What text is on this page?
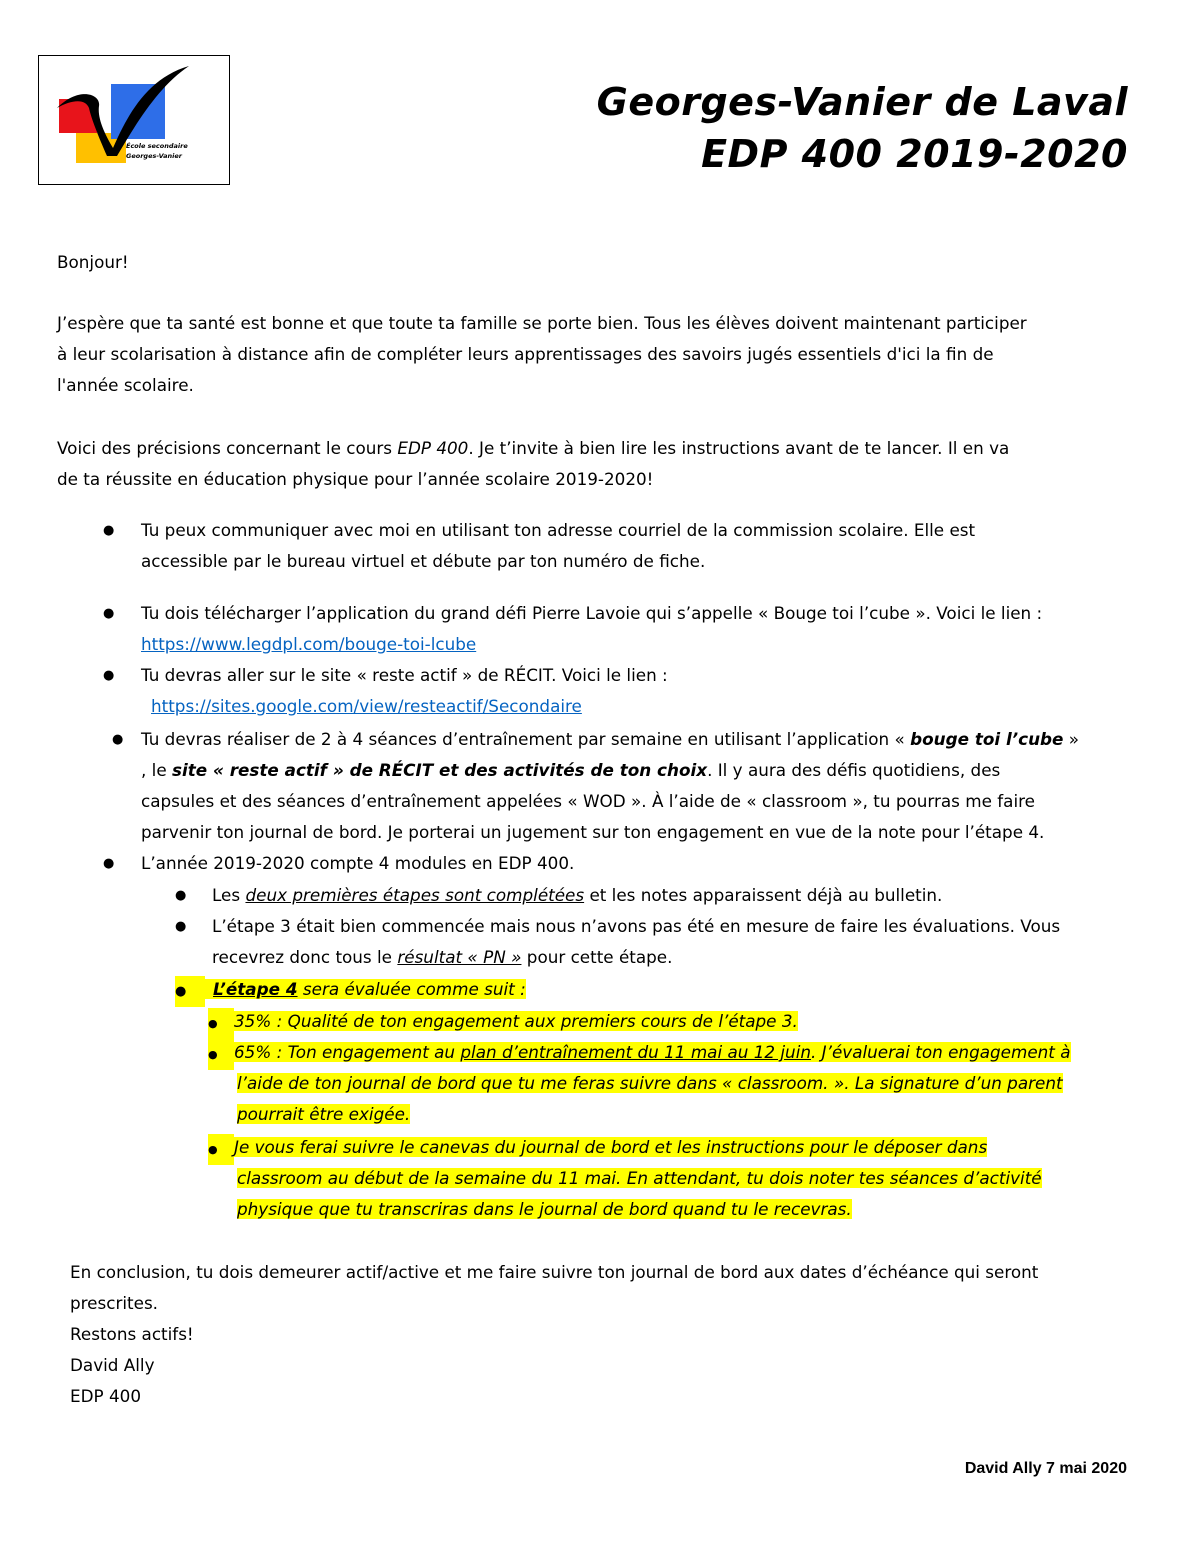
École secondaire
Georges-Vanier
Georges-Vanier de Laval
EDP 400 2019-2020
Bonjour!
J’espère que ta santé est bonne et que toute ta famille se porte bien. Tous les élèves doivent maintenant participer
à leur scolarisation à distance afin de compléter leurs apprentissages des savoirs jugés essentiels d'ici la fin de
l'année scolaire.
Voici des précisions concernant le cours EDP 400. Je t’invite à bien lire les instructions avant de te lancer. Il en va
de ta réussite en éducation physique pour l’année scolaire 2019-2020!
● Tu peux communiquer avec moi en utilisant ton adresse courriel de la commission scolaire. Elle est
accessible par le bureau virtuel et débute par ton numéro de fiche.
● Tu dois télécharger l’application du grand défi Pierre Lavoie qui s’appelle « Bouge toi l’cube ». Voici le lien :
https://www.legdpl.com/bouge-toi-lcube
● Tu devras aller sur le site « reste actif » de RÉCIT. Voici le lien :
https://sites.google.com/view/resteactif/Secondaire
● Tu devras réaliser de 2 à 4 séances d’entraînement par semaine en utilisant l’application « bouge toi l’cube »
, le site « reste actif » de RÉCIT et des activités de ton choix. Il y aura des défis quotidiens, des
capsules et des séances d’entraînement appelées « WOD ». À l’aide de « classroom », tu pourras me faire
parvenir ton journal de bord. Je porterai un jugement sur ton engagement en vue de la note pour l’étape 4.
● L’année 2019-2020 compte 4 modules en EDP 400.
● Les deux premières étapes sont complétées et les notes apparaissent déjà au bulletin.
● L’étape 3 était bien commencée mais nous n’avons pas été en mesure de faire les évaluations. Vous
recevrez donc tous le résultat « PN » pour cette étape.
● L’étape 4 sera évaluée comme suit :
● 35% : Qualité de ton engagement aux premiers cours de l’étape 3.
● 65% : Ton engagement au plan d’entraînement du 11 mai au 12 juin. J’évaluerai ton engagement à
l’aide de ton journal de bord que tu me feras suivre dans « classroom. ». La signature d’un parent
pourrait être exigée.
● Je vous ferai suivre le canevas du journal de bord et les instructions pour le déposer dans
classroom au début de la semaine du 11 mai. En attendant, tu dois noter tes séances d’activité
physique que tu transcriras dans le journal de bord quand tu le recevras.
En conclusion, tu dois demeurer actif/active et me faire suivre ton journal de bord aux dates d’échéance qui seront
prescrites.
Restons actifs!
David Ally
EDP 400
David Ally 7 mai 2020
